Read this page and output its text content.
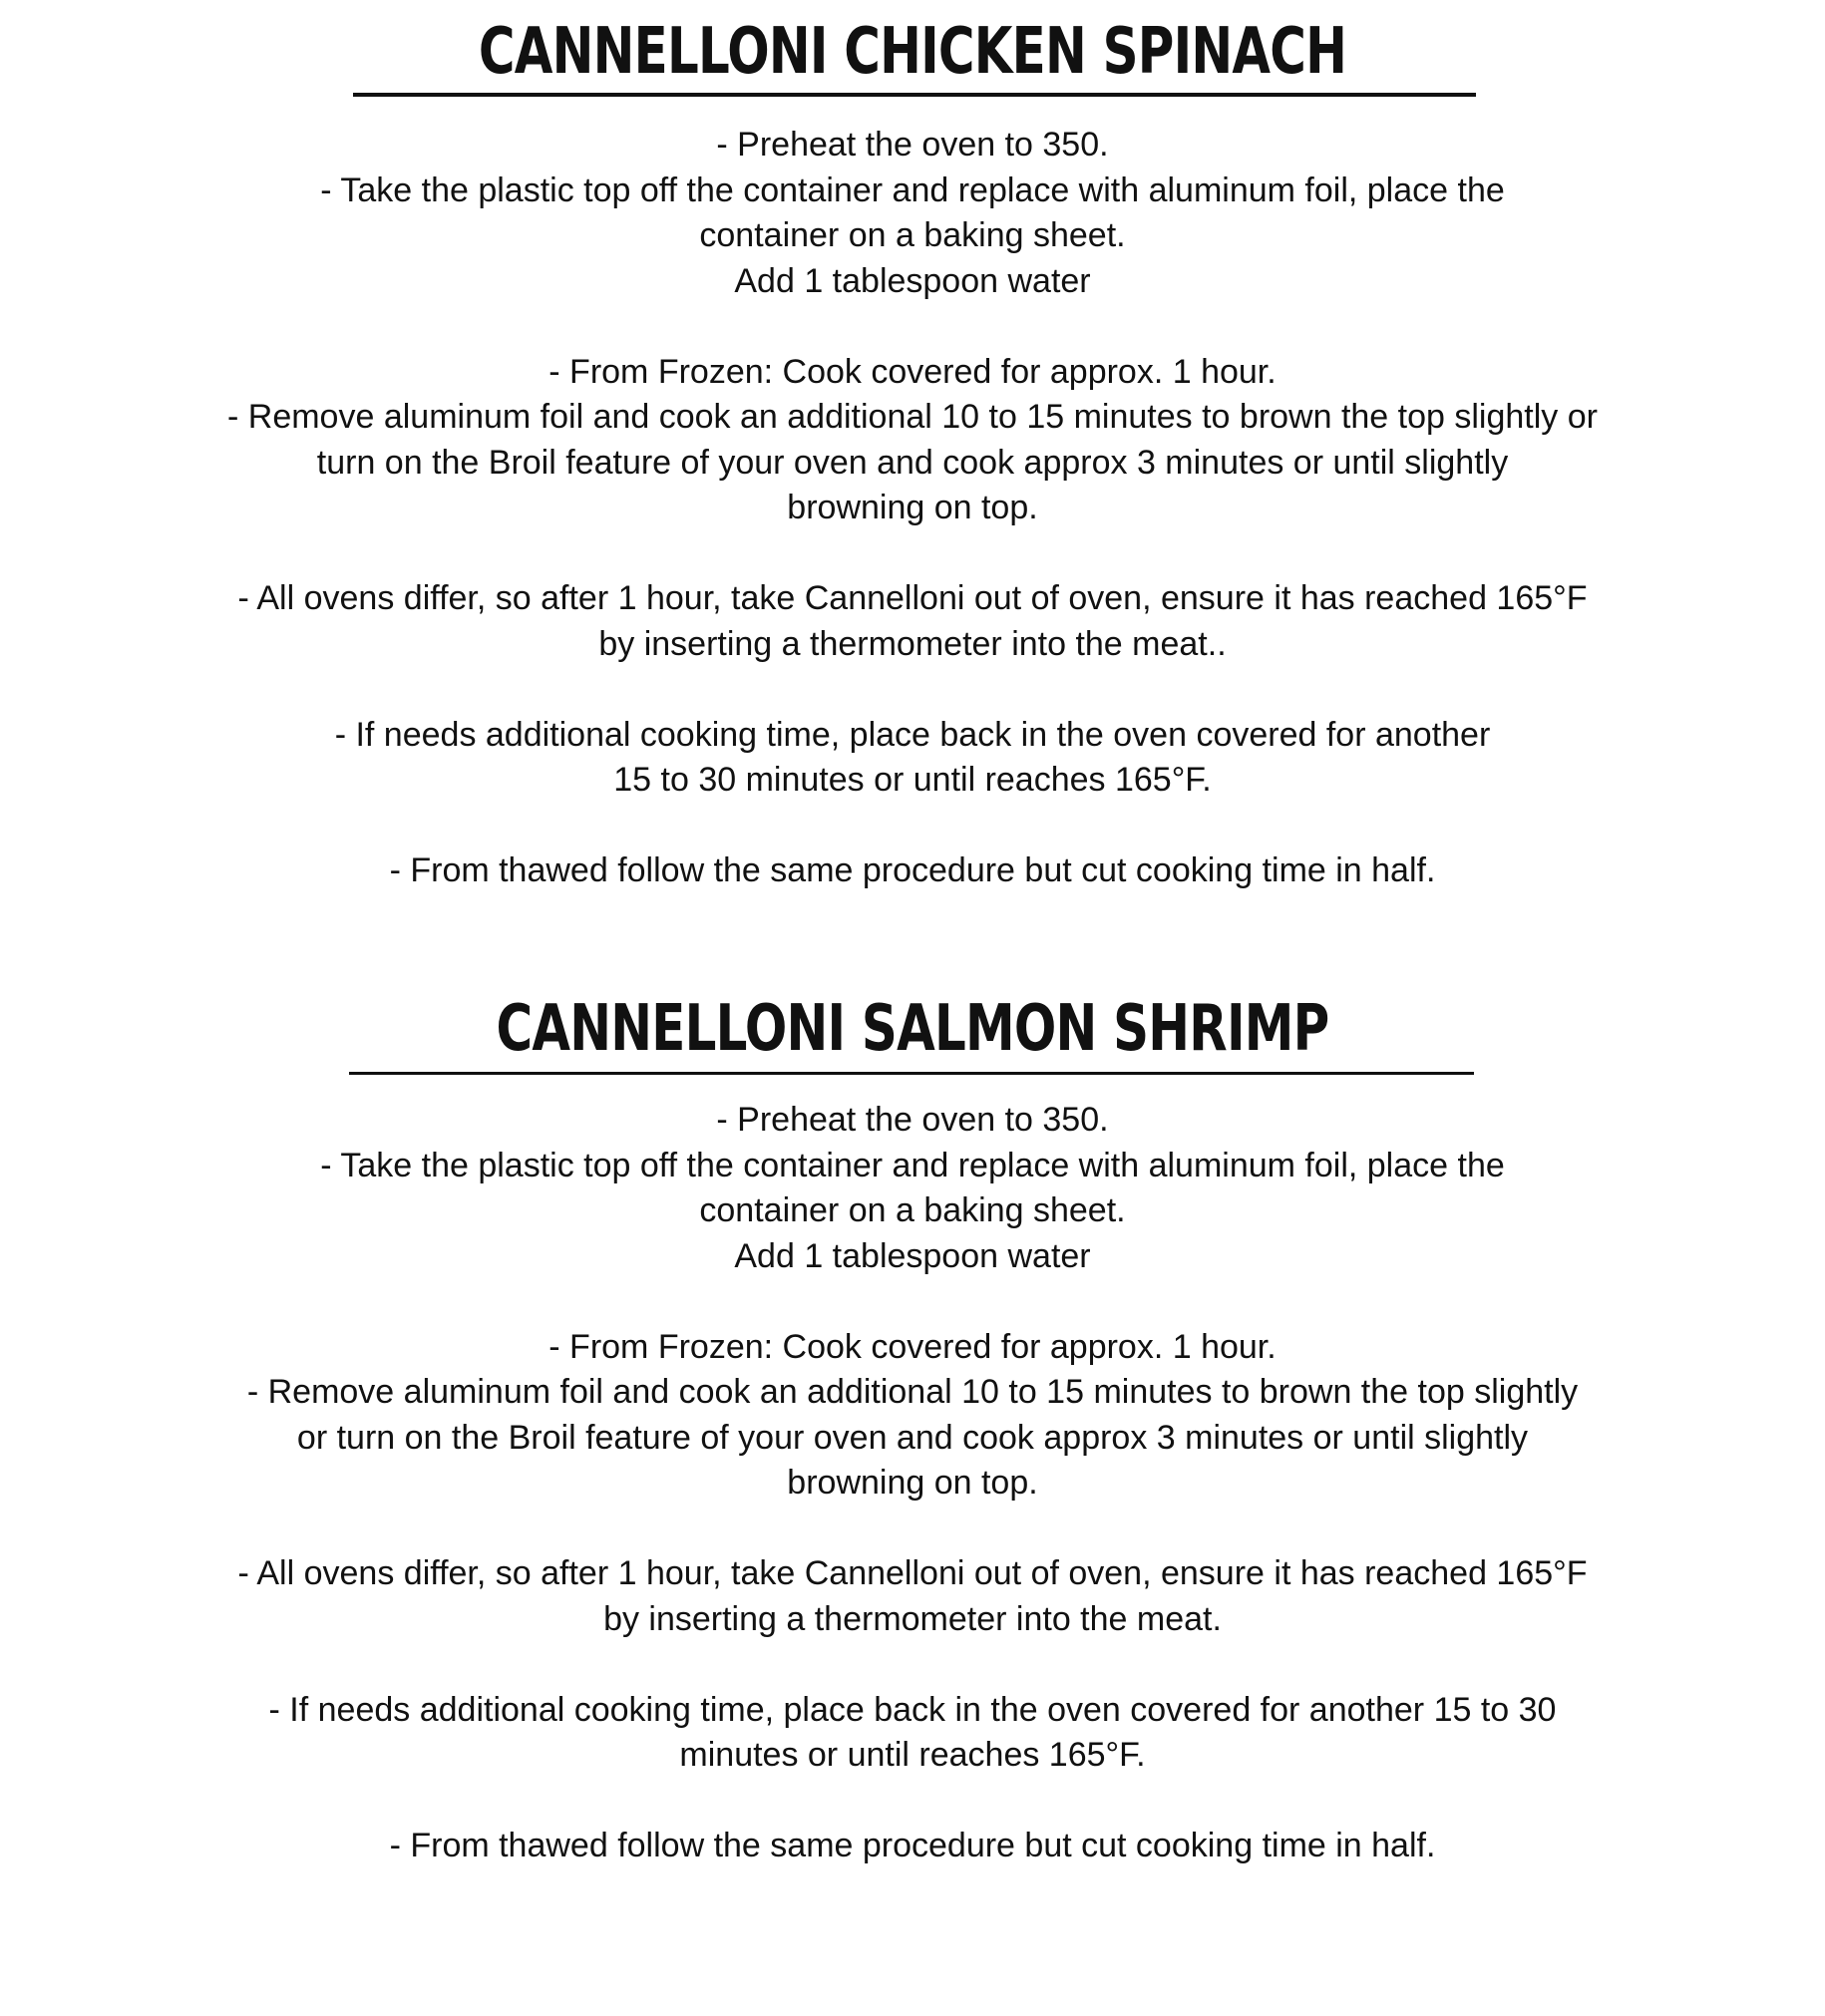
CANNELLONI CHICKEN SPINACH
- Preheat the oven to 350.
- Take the plastic top off the container and replace with aluminum foil, place the
container on a baking sheet.
Add 1 tablespoon water
- From Frozen: Cook covered for approx. 1 hour.
- Remove aluminum foil and cook an additional 10 to 15 minutes to brown the top slightly or
turn on the Broil feature of your oven and cook approx 3 minutes or until slightly
browning on top.
- All ovens differ, so after 1 hour, take Cannelloni out of oven, ensure it has reached 165°F
by inserting a thermometer into the meat..
- If needs additional cooking time, place back in the oven covered for another
15 to 30 minutes or until reaches 165°F.
- From thawed follow the same procedure but cut cooking time in half.
CANNELLONI SALMON SHRIMP
- Preheat the oven to 350.
- Take the plastic top off the container and replace with aluminum foil, place the
container on a baking sheet.
Add 1 tablespoon water
- From Frozen: Cook covered for approx. 1 hour.
- Remove aluminum foil and cook an additional 10 to 15 minutes to brown the top slightly
or turn on the Broil feature of your oven and cook approx 3 minutes or until slightly
browning on top.
- All ovens differ, so after 1 hour, take Cannelloni out of oven, ensure it has reached 165°F
by inserting a thermometer into the meat.
- If needs additional cooking time, place back in the oven covered for another 15 to 30
minutes or until reaches 165°F.
- From thawed follow the same procedure but cut cooking time in half.
